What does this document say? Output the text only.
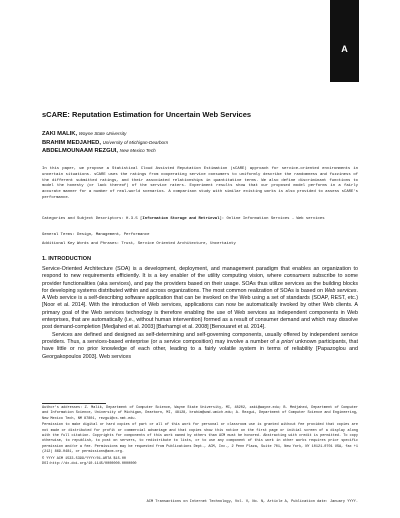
A
sCARE: Reputation Estimation for Uncertain Web Services
ZAKI MALIK, Wayne State University
BRAHIM MEDJAHED, University of Michigan-Dearborn
ABDELMOUNAAM REZGUI, New Mexico Tech
In this paper, we propose a Statistical Cloud Assisted Reputation Estimation (sCARE) approach for service-oriented environments in uncertain situations. sCARE uses the ratings from cooperating service consumers to uniformly describe the randomness and fuzziness of the different submitted ratings, and their associated relationships in quantitative terms. We also define discriminant functions to model the honesty (or lack thereof) of the service raters. Experiment results show that our proposed model performs in a fairly accurate manner for a number of real-world scenarios. A comparison study with similar existing works is also provided to assess sCARE's performance.
Categories and Subject Descriptors: H.3.5 [Information Storage and Retrieval]: Online Information Services - Web services
General Terms: Design, Management, Performance
Additional Key Words and Phrases: Trust, Service Oriented Architecture, Uncertainty
1. INTRODUCTION

Service-Oriented Architecture (SOA) is a development, deployment, and management paradigm that enables an organization to respond to new requirements efficiently. It is a key enabler of the utility computing vision, where consumers subscribe to some provider functionalities (aka services), and pay the providers based on their usage. SOAs thus utilize services as the building blocks for developing systems distributed within and across organizations. The most common realization of SOAs is based on Web services. A Web service is a self-describing software application that can be invoked on the Web using a set of standards (SOAP, REST, etc.) [Noor et al. 2014]. With the introduction of Web services, applications can now be automatically invoked by other Web clients. A primary goal of the Web services technology is therefore enabling the use of Web services as independent components in Web enterprises, that are automatically (i.e., without human intervention) formed as a result of consumer demand and which may dissolve post demand-completion [Medjahed et al. 2003] [Barhamgi et al. 2008] [Benouaret et al. 2014].

Services are defined and designed as self-determining and self-governing components, usually offered by independent service providers. Thus, a services-based enterprise (or a service composition) may involve a number of a priori unknown participants, that have little or no prior knowledge of each other, leading to a fairly volatile system in terms of reliability [Papazoglou and Georgakopoulos 2003]. Web services

Author's addresses: Z. Malik, Department of Computer Science, Wayne State University, MI, 48202, zaki@wayne.edu; B. Medjahed, Department of Computer and Information Science, University of Michigan, Dearborn, MI, 48128, brahim@umd.umich.edu; A. Rezgui, Department of Computer Science and Engineering, New Mexico Tech, NM 87801, rezgui@cs.nmt.edu.

Permission to make digital or hard copies of part or all of this work for personal or classroom use is granted without fee provided that copies are not made or distributed for profit or commercial advantage and that copies show this notice on the first page or initial screen of a display along with the full citation. Copyrights for components of this work owned by others than ACM must be honored. Abstracting with credit is permitted. To copy otherwise, to republish, to post on servers, to redistribute to lists, or to use any component of this work in other works requires prior specific permission and/or a fee. Permissions may be requested from Publications Dept., ACM, Inc., 2 Penn Plaza, Suite 701, New York, NY 10121-0701 USA, fax +1 (212) 869-0481, or permissions@acm.org.

© YYYY ACM 1533-5399/YYYY/01-ARTA $15.00

DOI:http://dx.doi.org/10.1145/0000000.0000000

ACM Transactions on Internet Technology, Vol. V, No. N, Article A, Publication date: January YYYY.
